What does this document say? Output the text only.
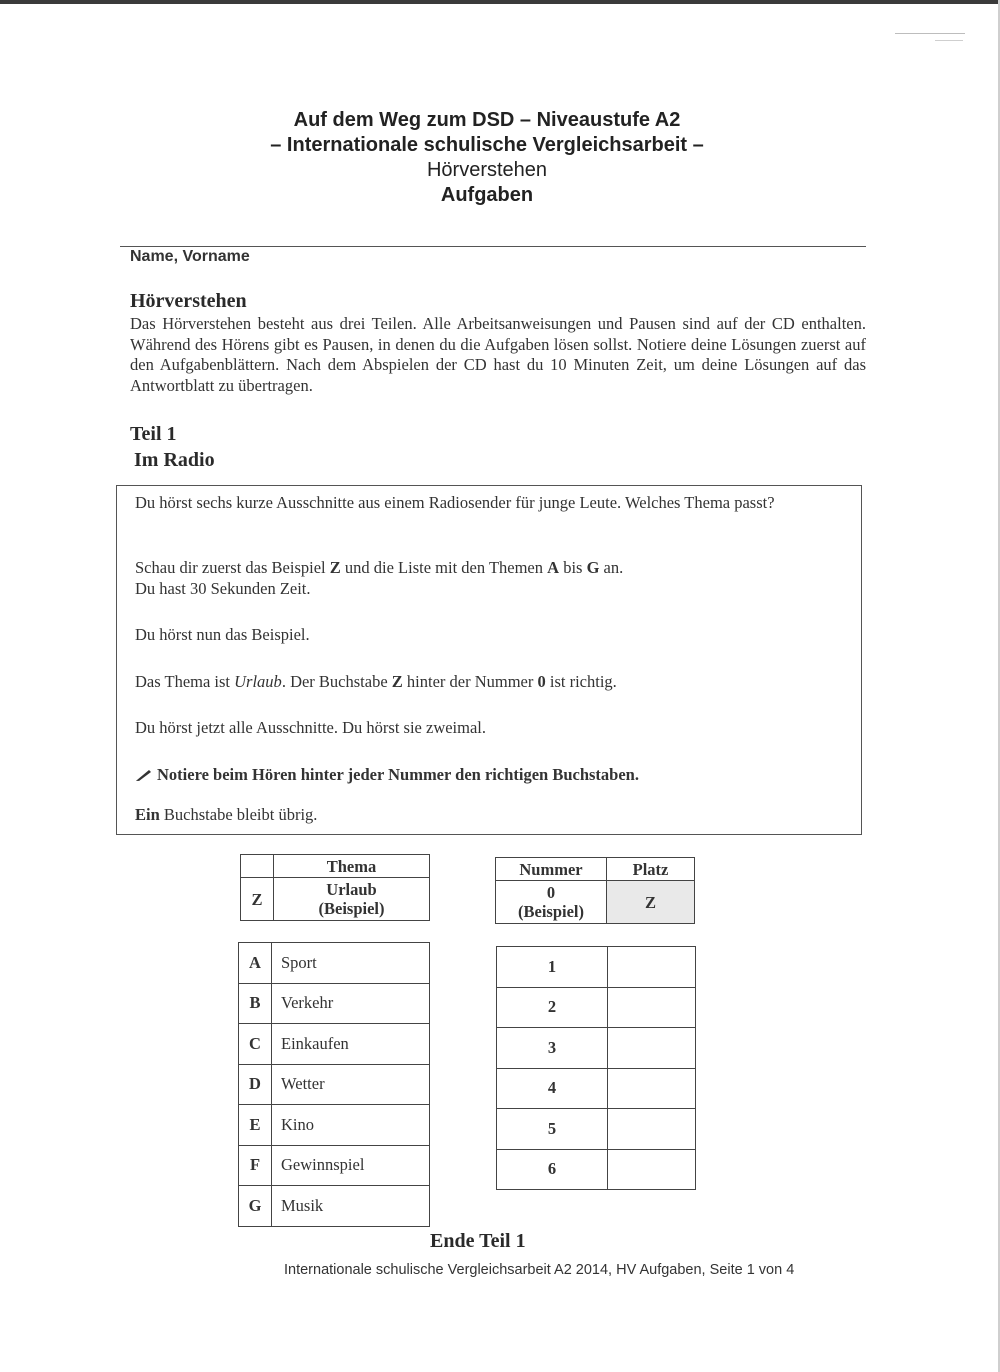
Auf dem Weg zum DSD – Niveaustufe A2
– Internationale schulische Vergleichsarbeit –
Hörverstehen
Aufgaben
Name, Vorname
Hörverstehen
Das Hörverstehen besteht aus drei Teilen. Alle Arbeitsanweisungen und Pausen sind auf der CD enthalten. Während des Hörens gibt es Pausen, in denen du die Aufgaben lösen sollst. Notiere deine Lösungen zuerst auf den Aufgabenblättern. Nach dem Abspielen der CD hast du 10 Minuten Zeit, um deine Lösungen auf das Antwortblatt zu übertragen.
Teil 1
Im Radio

Du hörst sechs kurze Ausschnitte aus einem Radiosender für junge Leute. Welches Thema passt?

Schau dir zuerst das Beispiel Z und die Liste mit den Themen A bis G an.
Du hast 30 Sekunden Zeit.

Du hörst nun das Beispiel.

Das Thema ist Urlaub. Der Buchstabe Z hinter der Nummer 0 ist richtig.

Du hörst jetzt alle Ausschnitte. Du hörst sie zweimal.

Notiere beim Hören hinter jeder Nummer den richtigen Buchstaben.

Ein Buchstabe bleibt übrig.

	Thema
Z	Urlaub
(Beispiel)
Nummer	Platz
0
(Beispiel)	Z
A	Sport
B	Verkehr
C	Einkaufen
D	Wetter
E	Kino
F	Gewinnspiel
G	Musik
1	
2	
3	
4	
5	
6	
Ende Teil 1
Internationale schulische Vergleichsarbeit A2 2014, HV Aufgaben, Seite 1 von 4
